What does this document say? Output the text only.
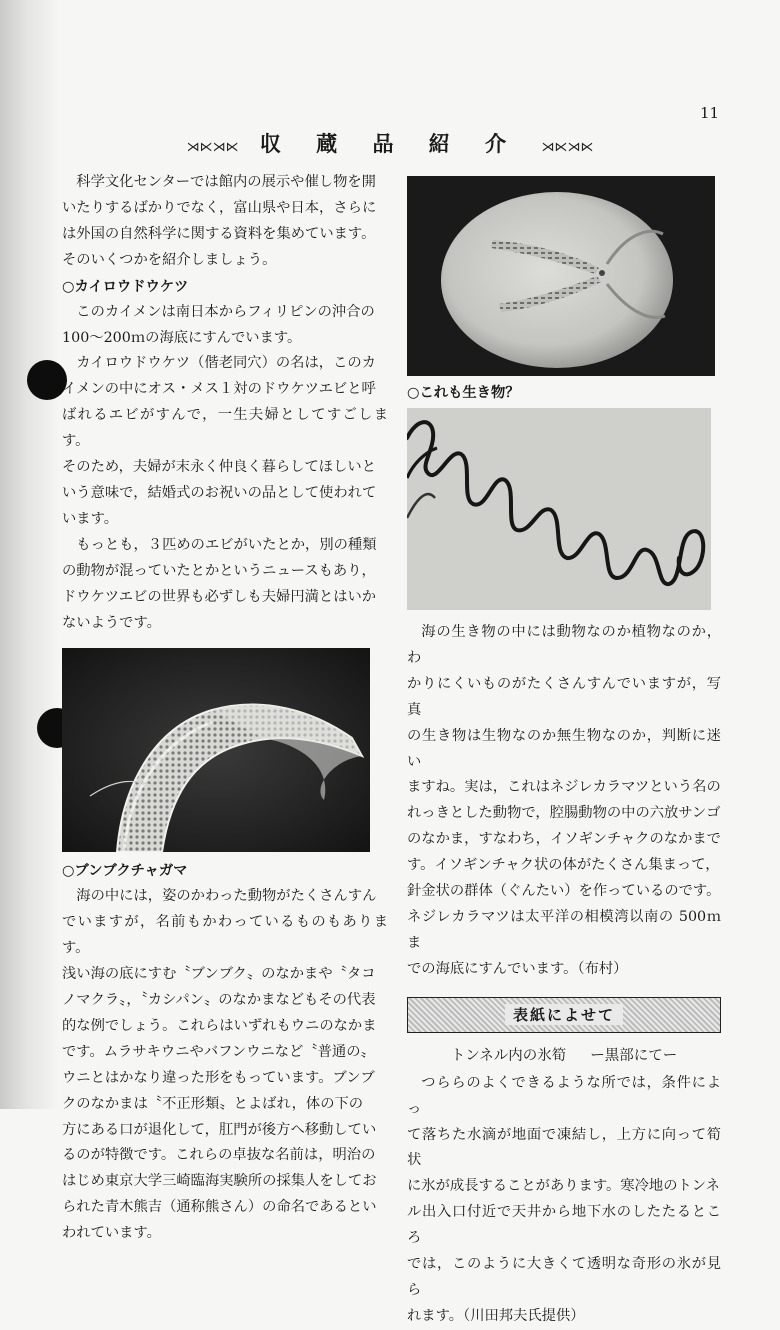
11
⋊⋉⋊⋉ 収 蔵 品 紹 介 ⋊⋉⋊⋉

科学文化センターでは館内の展示や催し物を開

いたりするばかりでなく，富山県や日本，さらに

は外国の自然科学に関する資料を集めています。

そのいくつかを紹介しましょう。

○カイロウドウケツ

このカイメンは南日本からフィリピンの沖合の

100〜200ｍの海底にすんでいます。

カイロウドウケツ（偕老同穴）の名は，このカ

イメンの中にオス・メス１対のドウケツエビと呼

ばれるエビがすんで，一生夫婦としてすごします。

そのため，夫婦が末永く仲良く暮らしてほしいと

いう意味で，結婚式のお祝いの品として使われて

います。

もっとも，３匹めのエビがいたとか，別の種類

の動物が混っていたとかというニュースもあり，

ドウケツエビの世界も必ずしも夫婦円満とはいか

ないようです。

○ブンブクチャガマ

海の中には，姿のかわった動物がたくさんすん

でいますが，名前もかわっているものもあります。

浅い海の底にすむ〝ブンブク〟のなかまや〝タコ

ノマクラ〟，〝カシパン〟のなかまなどもその代表

的な例でしょう。これらはいずれもウニのなかま

です。ムラサキウニやバフンウニなど〝普通の〟

ウニとはかなり違った形をもっています。ブンブ

クのなかまは〝不正形類〟とよばれ，体の下の

方にある口が退化して，肛門が後方へ移動してい

るのが特徴です。これらの卓抜な名前は，明治の

はじめ東京大学三崎臨海実験所の採集人をしてお

られた青木熊吉（通称熊さん）の命名であるとい

われています。

○これも生き物？

海の生き物の中には動物なのか植物なのか，わ

かりにくいものがたくさんすんでいますが，写真

の生き物は生物なのか無生物なのか，判断に迷い

ますね。実は，これはネジレカラマツという名の

れっきとした動物で，腔腸動物の中の六放サンゴ

のなかま，すなわち，イソギンチャクのなかまで

す。イソギンチャク状の体がたくさん集まって，

針金状の群体（ぐんたい）を作っているのです。

ネジレカラマツは太平洋の相模湾以南の 500ｍま

での海底にすんでいます。（布村）

表紙によせて
トンネル内の氷筍 ー黒部にてー

つららのよくできるような所では，条件によっ

て落ちた水滴が地面で凍結し，上方に向って筍状

に氷が成長することがあります。寒冷地のトンネ

ル出入口付近で天井から地下水のしたたるところ

では，このように大きくて透明な奇形の氷が見ら

れます。（川田邦夫氏提供）
